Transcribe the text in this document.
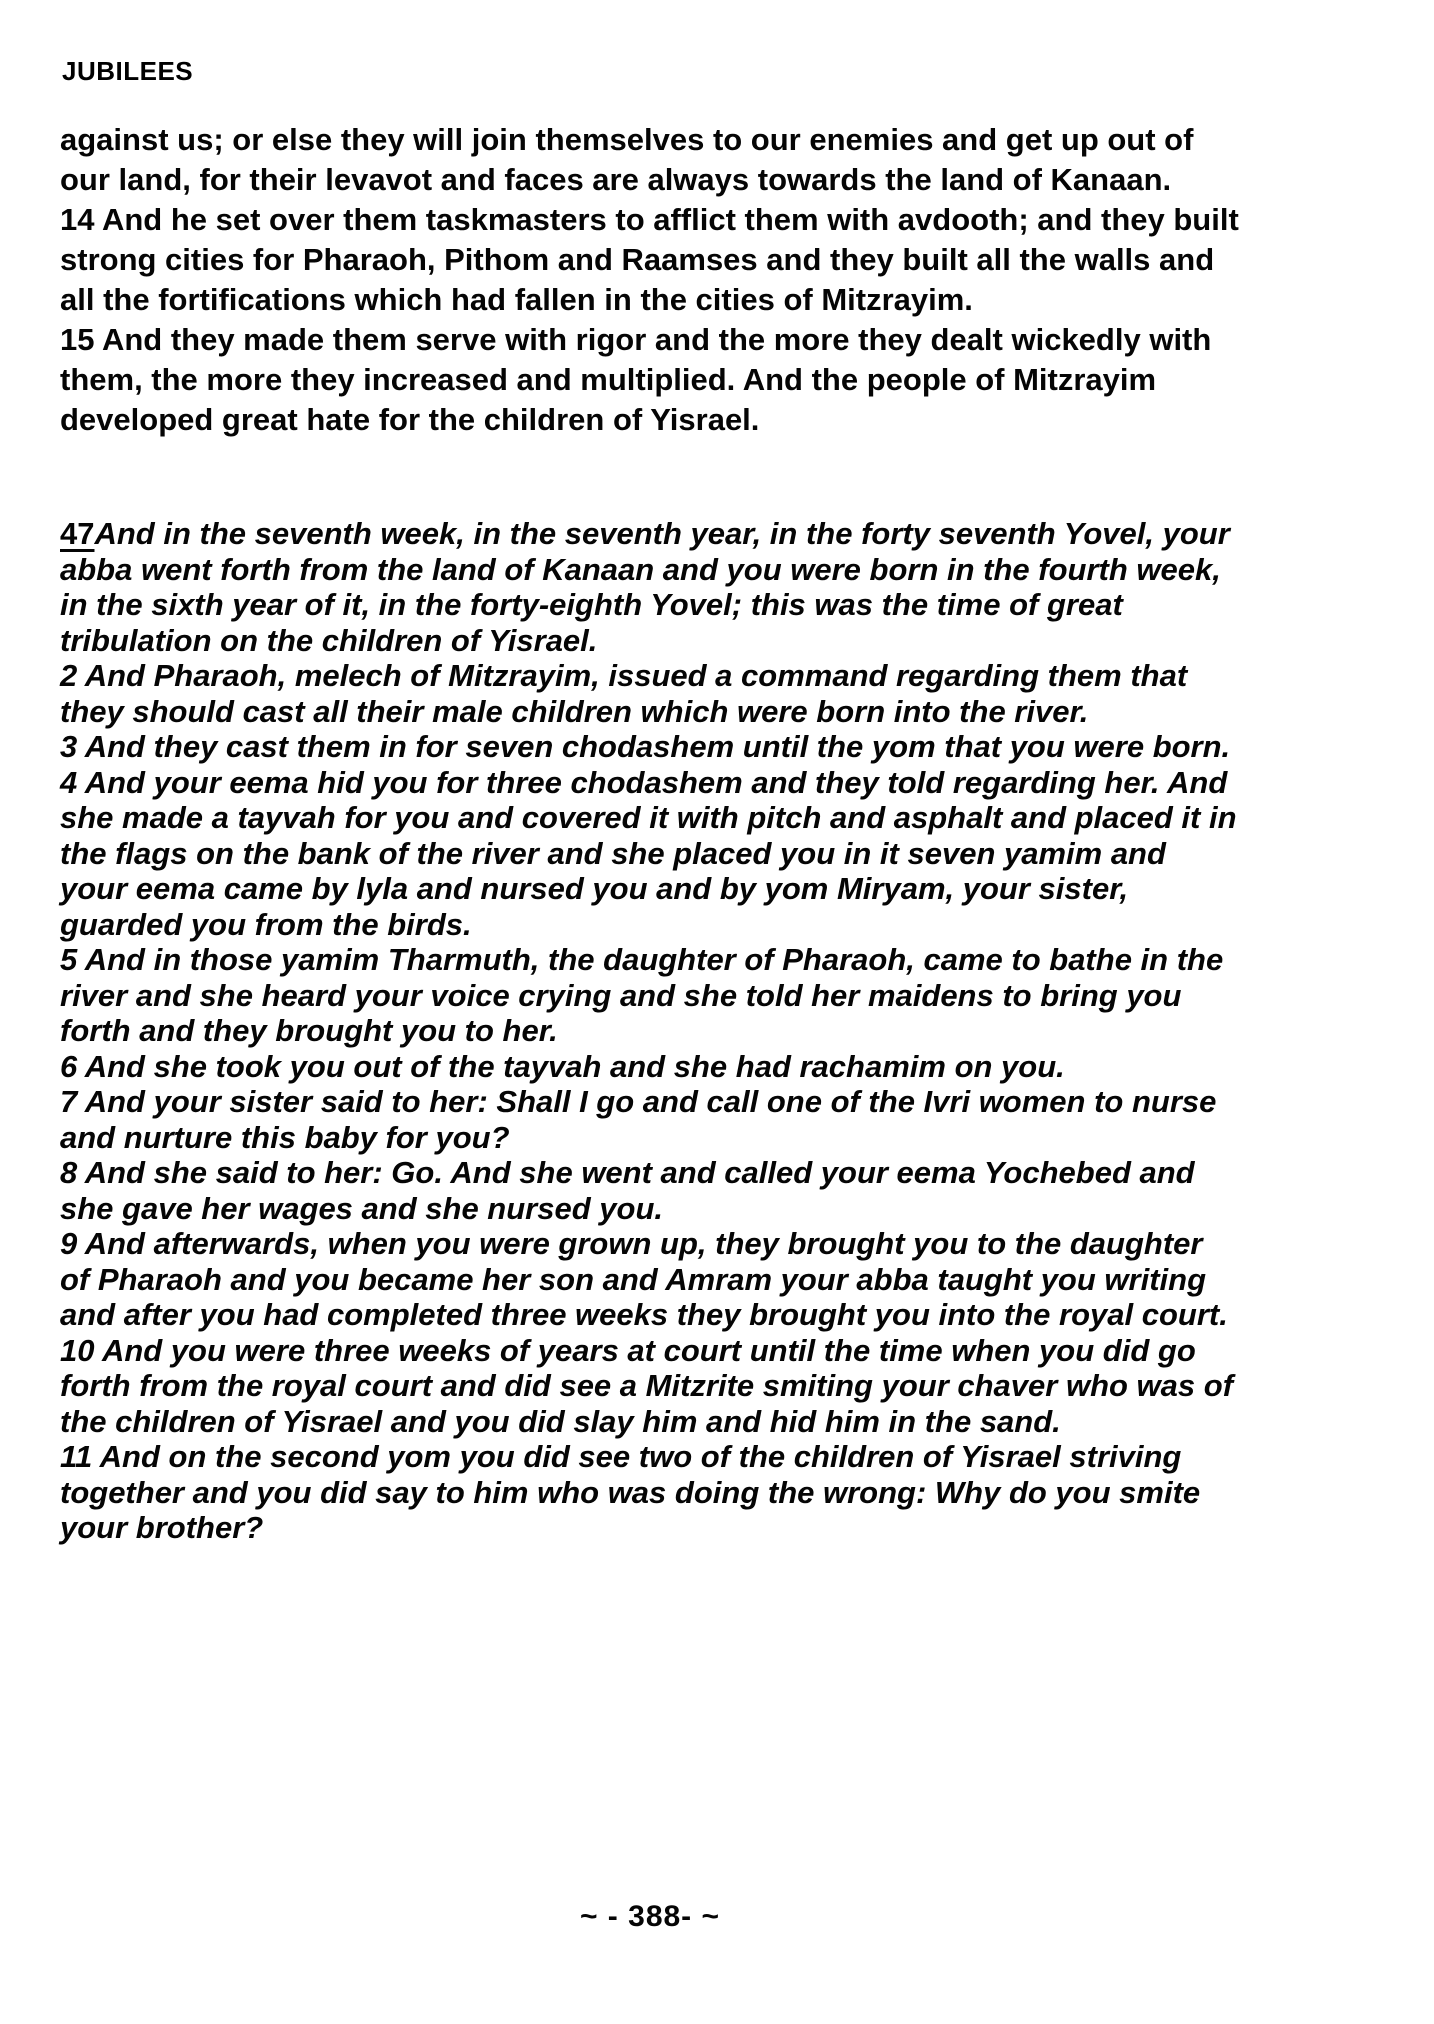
JUBILEES

against us; or else they will join themselves to our enemies and get up out of our land, for their levavot and faces are always towards the land of Kanaan.

14 And he set over them taskmasters to afflict them with avdooth; and they built strong cities for Pharaoh, Pithom and Raamses and they built all the walls and all the fortifications which had fallen in the cities of Mitzrayim.

15 And they made them serve with rigor and the more they dealt wickedly with them, the more they increased and multiplied. And the people of Mitzrayim developed great hate for the children of Yisrael.

47And in the seventh week, in the seventh year, in the forty seventh Yovel, your abba went forth from the land of Kanaan and you were born in the fourth week, in the sixth year of it, in the forty-eighth Yovel; this was the time of great tribulation on the children of Yisrael.

2 And Pharaoh, melech of Mitzrayim, issued a command regarding them that they should cast all their male children which were born into the river.

3 And they cast them in for seven chodashem until the yom that you were born.

4 And your eema hid you for three chodashem and they told regarding her. And she made a tayvah for you and covered it with pitch and asphalt and placed it in the flags on the bank of the river and she placed you in it seven yamim and your eema came by lyla and nursed you and by yom Miryam, your sister, guarded you from the birds.

5 And in those yamim Tharmuth, the daughter of Pharaoh, came to bathe in the river and she heard your voice crying and she told her maidens to bring you forth and they brought you to her.

6 And she took you out of the tayvah and she had rachamim on you.

7 And your sister said to her: Shall I go and call one of the Ivri women to nurse and nurture this baby for you?

8 And she said to her: Go. And she went and called your eema Yochebed and she gave her wages and she nursed you.

9 And afterwards, when you were grown up, they brought you to the daughter of Pharaoh and you became her son and Amram your abba taught you writing and after you had completed three weeks they brought you into the royal court.

10 And you were three weeks of years at court until the time when you did go forth from the royal court and did see a Mitzrite smiting your chaver who was of the children of Yisrael and you did slay him and hid him in the sand.

11 And on the second yom you did see two of the children of Yisrael striving together and you did say to him who was doing the wrong: Why do you smite your brother?

~ - 388- ~
